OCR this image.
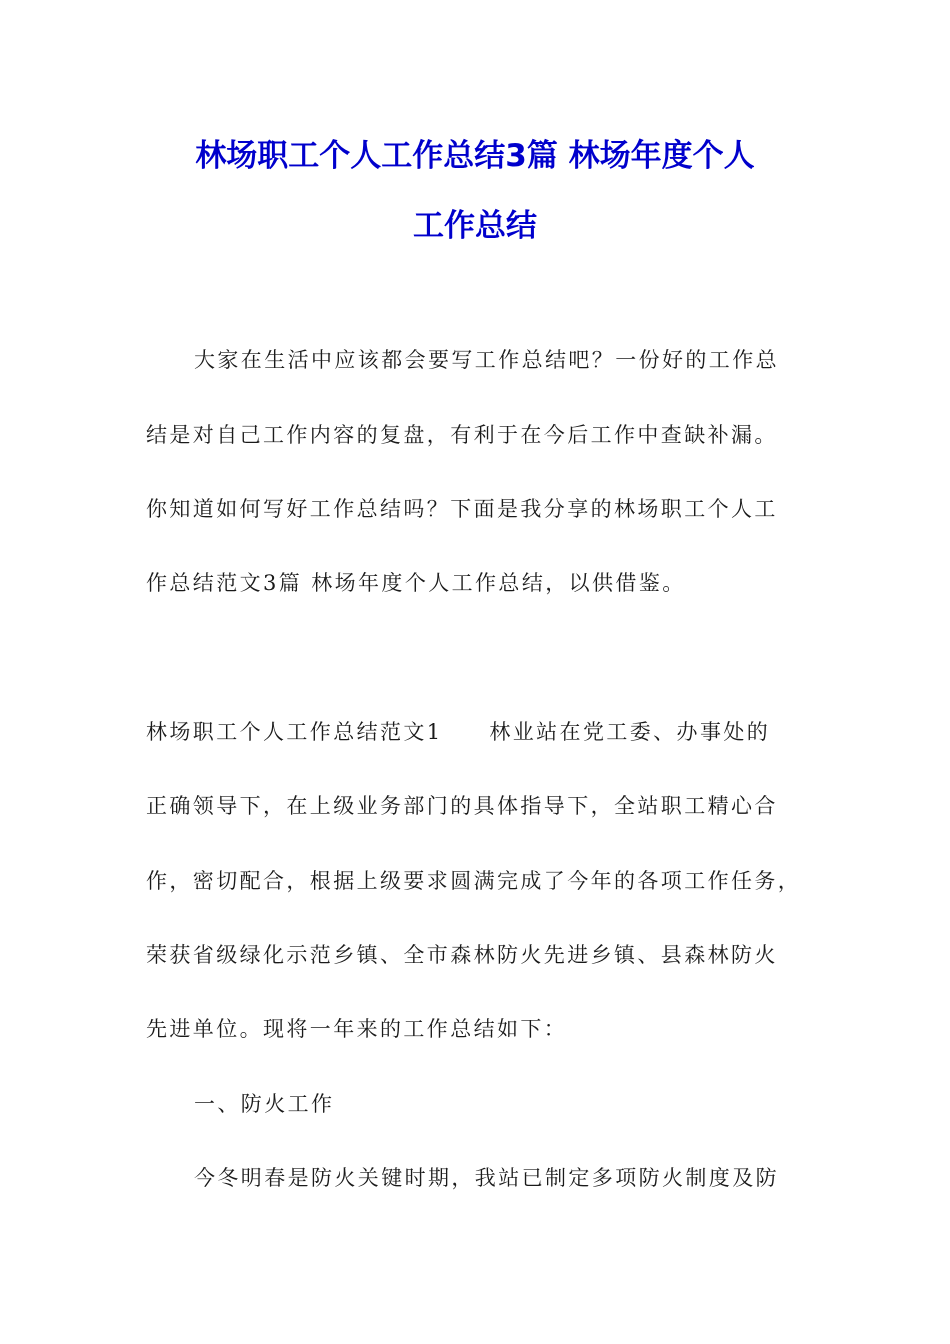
林场职工个人工作总结3篇 林场年度个人
工作总结

大家在生活中应该都会要写工作总结吧？一份好的工作总

结是对自己工作内容的复盘，有利于在今后工作中查缺补漏。

你知道如何写好工作总结吗？下面是我分享的林场职工个人工

作总结范文3篇 林场年度个人工作总结，以供借鉴。

林场职工个人工作总结范文1　　林业站在党工委、办事处的

正确领导下，在上级业务部门的具体指导下，全站职工精心合

作，密切配合，根据上级要求圆满完成了今年的各项工作任务，

荣获省级绿化示范乡镇、全市森林防火先进乡镇、县森林防火

先进单位。现将一年来的工作总结如下：

一、防火工作

今冬明春是防火关键时期，我站已制定多项防火制度及防
